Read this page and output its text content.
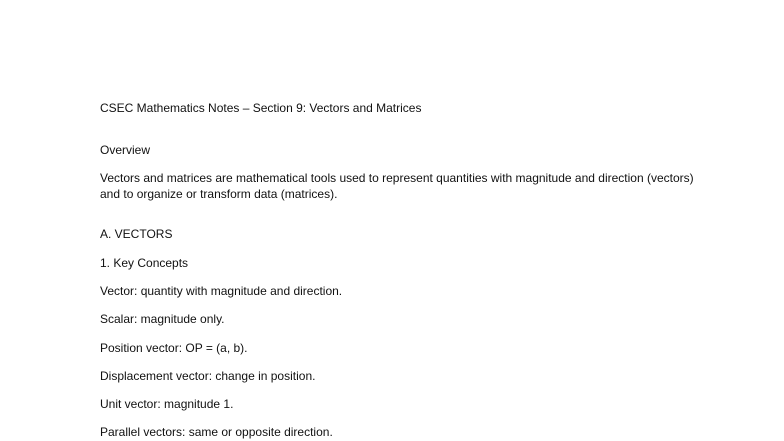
CSEC Mathematics Notes – Section 9: Vectors and Matrices
Overview
Vectors and matrices are mathematical tools used to represent quantities with magnitude and direction (vectors) and to organize or transform data (matrices).
A. VECTORS
1. Key Concepts
Vector: quantity with magnitude and direction.
Scalar: magnitude only.
Position vector: OP = (a, b).
Displacement vector: change in position.
Unit vector: magnitude 1.
Parallel vectors: same or opposite direction.
